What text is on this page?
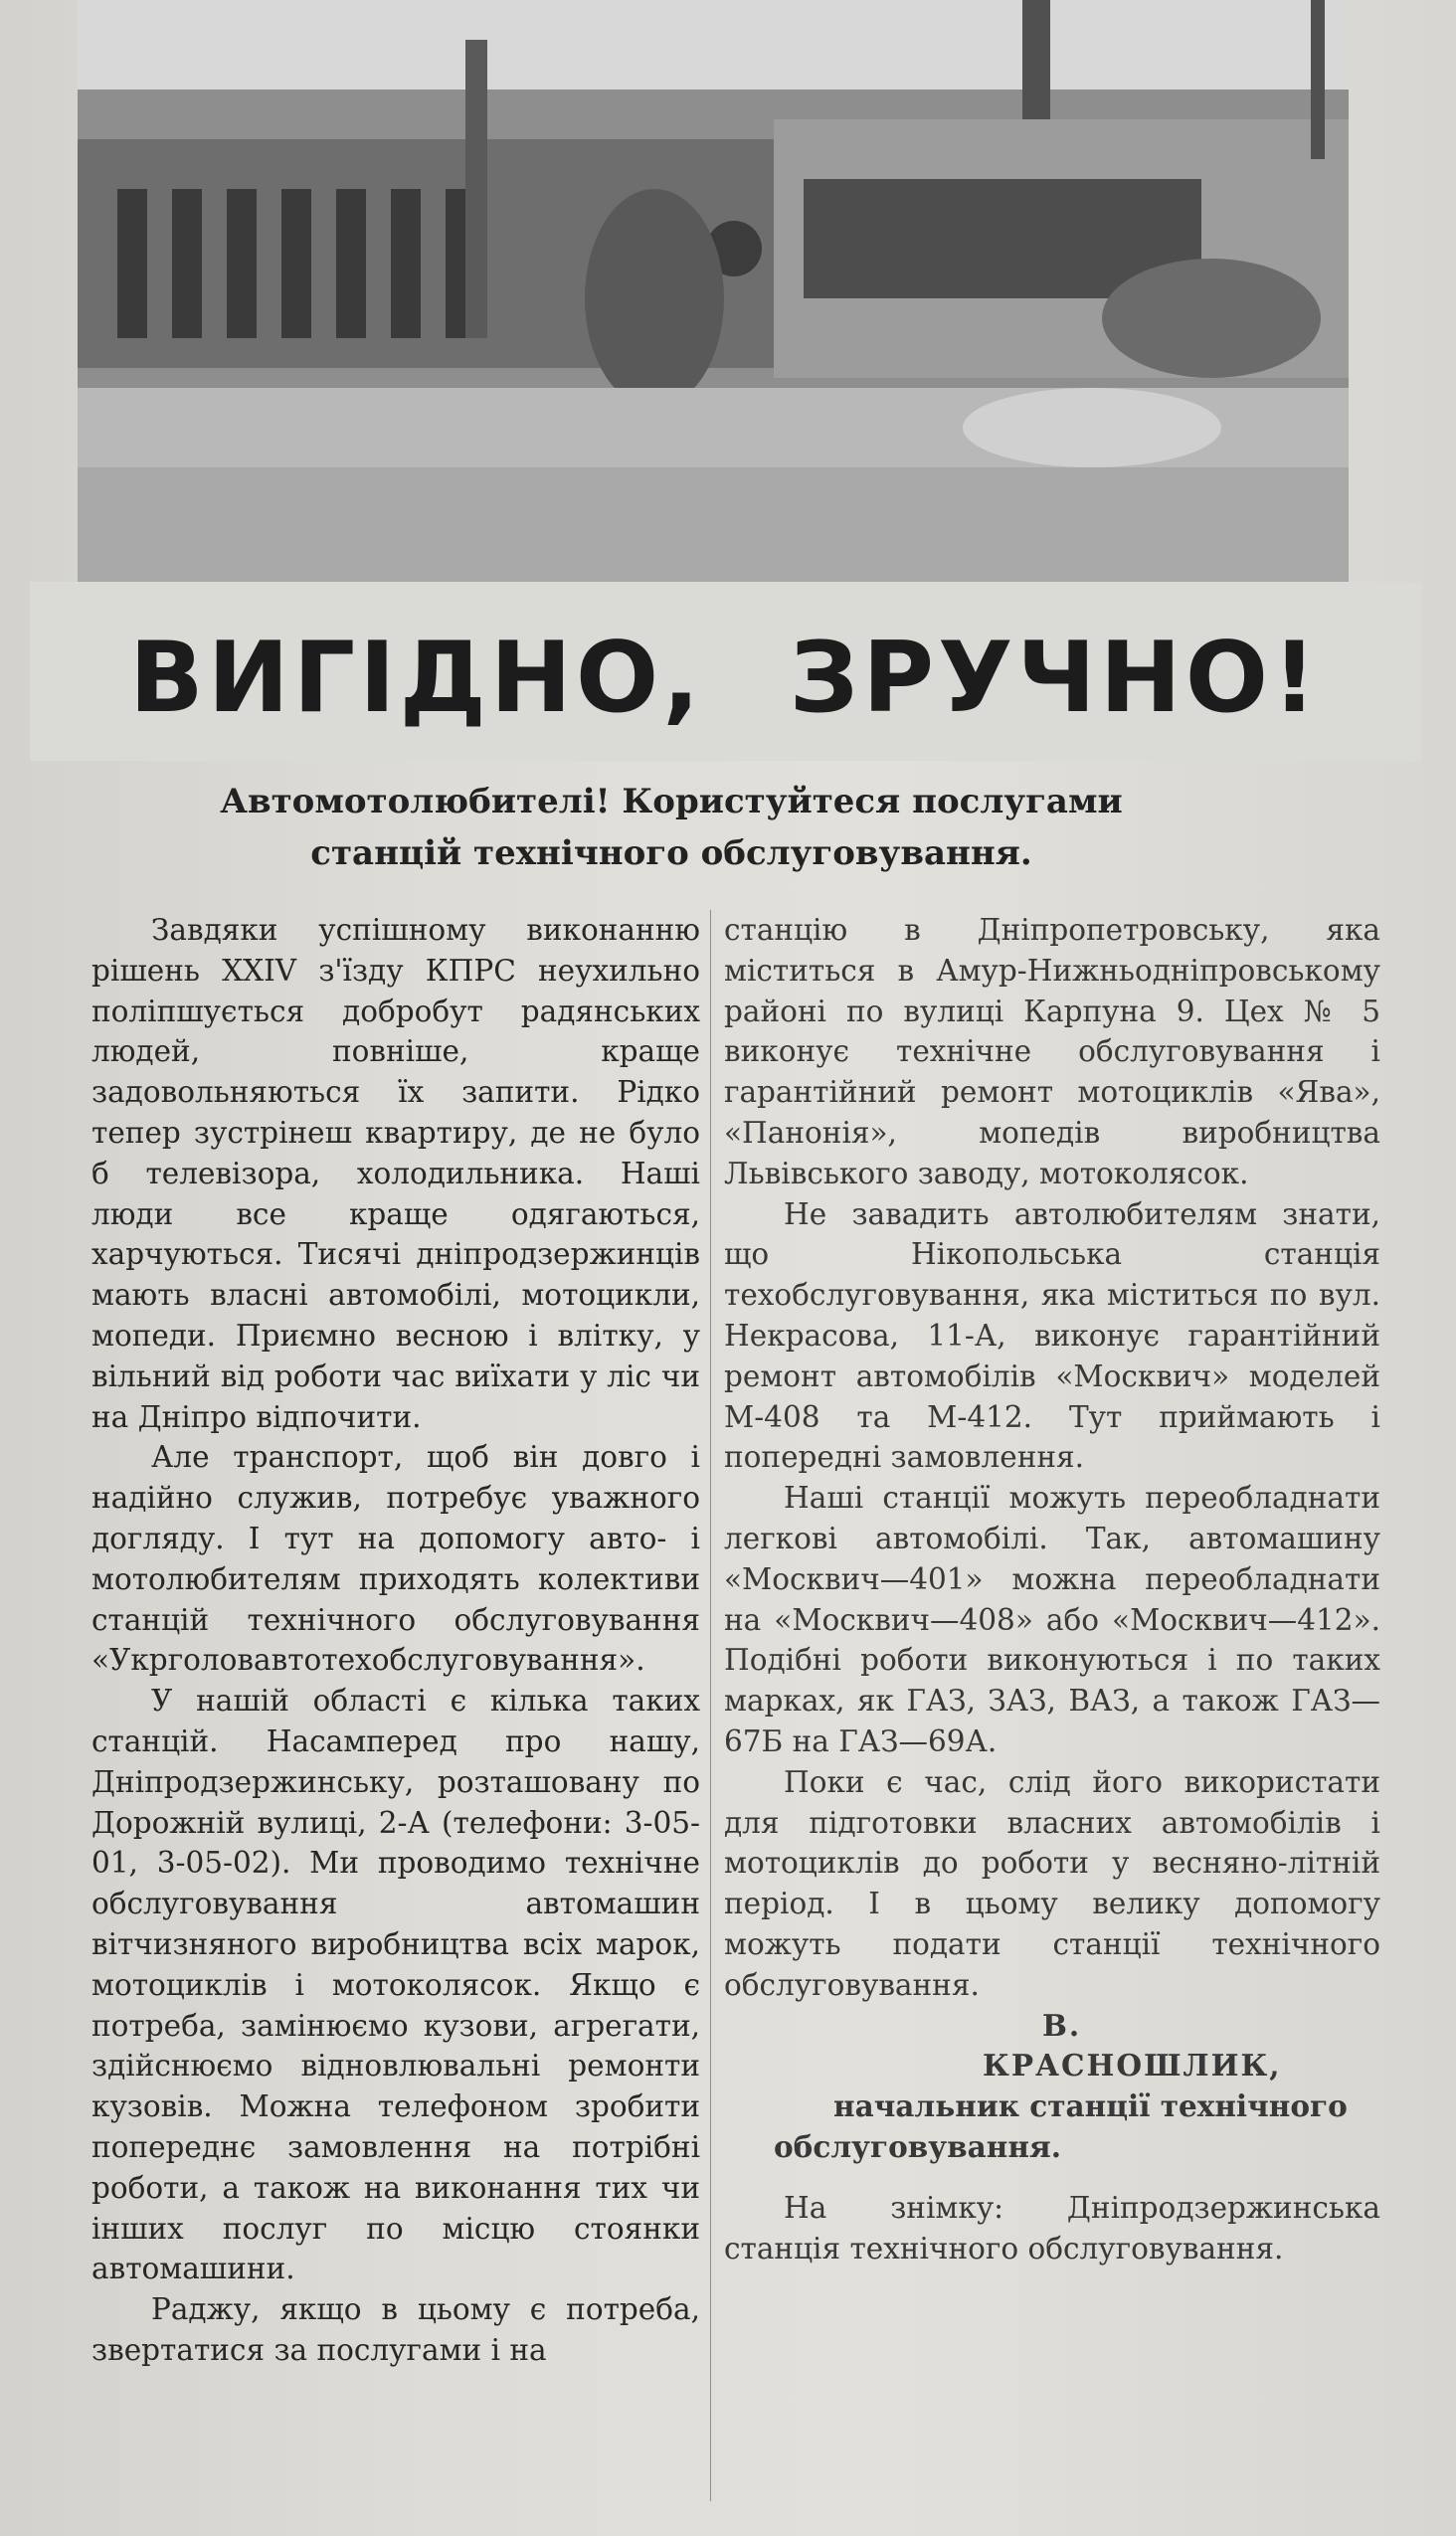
ВИГІДНО, ЗРУЧНО!
Автомотолюбителі! Користуйтеся послугами
станцій технічного обслуговування.

Завдяки успішному виконанню рішень XXIV з'їзду КПРС неухильно поліпшується добробут радянських людей, повніше, краще задовольняються їх запити. Рідко тепер зустрінеш квартиру, де не було б телевізора, холодильника. Наші люди все краще одягаються, харчуються. Тисячі дніпродзержинців мають власні автомобілі, мотоцикли, мопеди. Приємно весною і влітку, у вільний від роботи час виїхати у ліс чи на Дніпро відпочити.

Але транспорт, щоб він довго і надійно служив, потребує уважного догляду. І тут на допомогу авто- і мотолюбителям приходять колективи станцій технічного обслуговування «Укрголовавтотехобслуговування».

У нашій області є кілька таких станцій. Насамперед про нашу, Дніпродзержинську, розташовану по Дорожній вулиці, 2-А (телефони: 3-05-01, 3-05-02). Ми проводимо технічне обслуговування автомашин вітчизняного виробництва всіх марок, мотоциклів і мотоколясок. Якщо є потреба, замінюємо кузови, агрегати, здійснюємо відновлювальні ремонти кузовів. Можна телефоном зробити попереднє замовлення на потрібні роботи, а також на виконання тих чи інших послуг по місцю стоянки автомашини.

Раджу, якщо в цьому є потреба, звертатися за послугами і на

станцію в Дніпропетровську, яка міститься в Амур-Нижньодніпровському районі по вулиці Карпуна 9. Цех № 5 виконує технічне обслуговування і гарантійний ремонт мотоциклів «Ява», «Панонія», мопедів виробництва Львівського заводу, мотоколясок.

Не завадить автолюбителям знати, що Нікопольська станція техобслуговування, яка міститься по вул. Некрасова, 11-А, виконує гарантійний ремонт автомобілів «Москвич» моделей М-408 та М-412. Тут приймають і попередні замовлення.

Наші станції можуть переобладнати легкові автомобілі. Так, автомашину «Москвич—401» можна переобладнати на «Москвич—408» або «Москвич—412». Подібні роботи виконуються і по таких марках, як ГАЗ, ЗАЗ, ВАЗ, а також ГАЗ—67Б на ГАЗ—69А.

Поки є час, слід його використати для підготовки власних автомобілів і мотоциклів до роботи у весняно-літній період. І в цьому велику допомогу можуть подати станції технічного обслуговування.

В. КРАСНОШЛИК,

начальник станції технічного обслуговування.

На знімку: Дніпродзержинська станція технічного обслуговування.
